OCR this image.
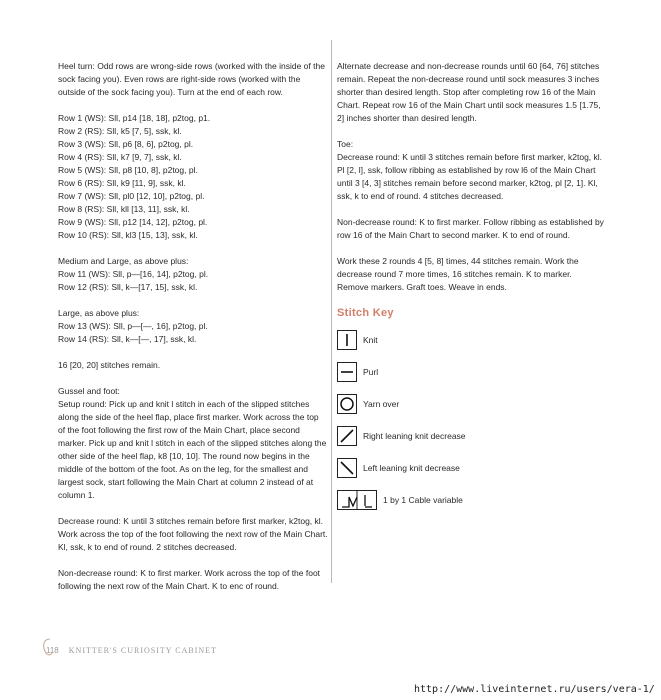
Heel turn: Odd rows are wrong-side rows (worked with the inside of the sock facing you). Even rows are right-side rows (worked with the outside of the sock facing you). Turn at the end of each row.

Row 1 (WS): Sll, p14 [18, 18], p2tog, p1.

Row 2 (RS): Sll, k5 [7, 5], ssk, kl.

Row 3 (WS): Sll, p6 [8, 6], p2tog, pl.

Row 4 (RS): Sll, k7 [9, 7], ssk, kl.

Row 5 (WS): Sll, p8 [10, 8], p2tog, pl.

Row 6 (RS): Sll, k9 [11, 9], ssk, kl.

Row 7 (WS): Sll, pl0 [12, 10], p2tog, pl.

Row 8 (RS): Sll, kll [13, 11], ssk, kl.

Row 9 (WS): Sll, p12 [14, 12], p2tog, pl.

Row 10 (RS): Sll, kl3 [15, 13], ssk, kl.

Medium and Large, as above plus:

Row 11 (WS): Sll, p—[16, 14], p2tog, pl.

Row 12 (RS): Sll, k—[17, 15], ssk, kl.

Large, as above plus:

Row 13 (WS): Sll, p—[—, 16], p2tog, pl.

Row 14 (RS): Sll, k—[—, 17], ssk, kl.

16 [20, 20] stitches remain.

Gussel and foot:

Setup round: Pick up and knit l stitch in each of the slipped stitches along the side of the heel flap, place first marker. Work across the top of the foot following the first row of the Main Chart, place second marker. Pick up and knit l stitch in each of the slipped stitches along the other side of the heel flap, k8 [10, 10]. The round now begins in the middle of the bottom of the foot. As on the leg, for the smallest and largest sock, start following the Main Chart at column 2 instead of at column 1.

Decrease round: K until 3 stitches remain before first marker, k2tog, kl. Work across the top of the foot following the next row of the Main Chart. Kl, ssk, k to end of round. 2 stitches decreased.

Non-decrease round: K to first marker. Work across the top of the foot following the next row of the Main Chart. K to enc of round.

Alternate decrease and non-decrease rounds until 60 [64, 76] stitches remain. Repeat the non-decrease round until sock measures 3 inches shorter than desired length. Stop after completing row 16 of the Main Chart. Repeat row 16 of the Main Chart until sock measures 1.5 [1.75, 2] inches shorter than desired length.

Toe:

Decrease round: K until 3 stitches remain before first marker, k2tog, kl. Pl [2, l], ssk, follow ribbing as established by row l6 of the Main Chart until 3 [4, 3] stitches remain before second marker, k2tog, pl [2, 1]. Kl, ssk, k to end of round. 4 stitches decreased.

Non-decrease round: K to first marker. Follow ribbing as established by row 16 of the Main Chart to second marker. K to end of round.

Work these 2 rounds 4 [5, 8] times, 44 stitches remain. Work the decrease round 7 more times, 16 stitches remain. K to marker. Remove markers. Graft toes. Weave in ends.

Stitch Key

Knit
Purl
Yarn over
Right leaning knit decrease
Left leaning knit decrease
1 by 1 Cable variable
118 KNITTER'S CURIOSITY CABINET
http://www.liveinternet.ru/users/vera-1/
